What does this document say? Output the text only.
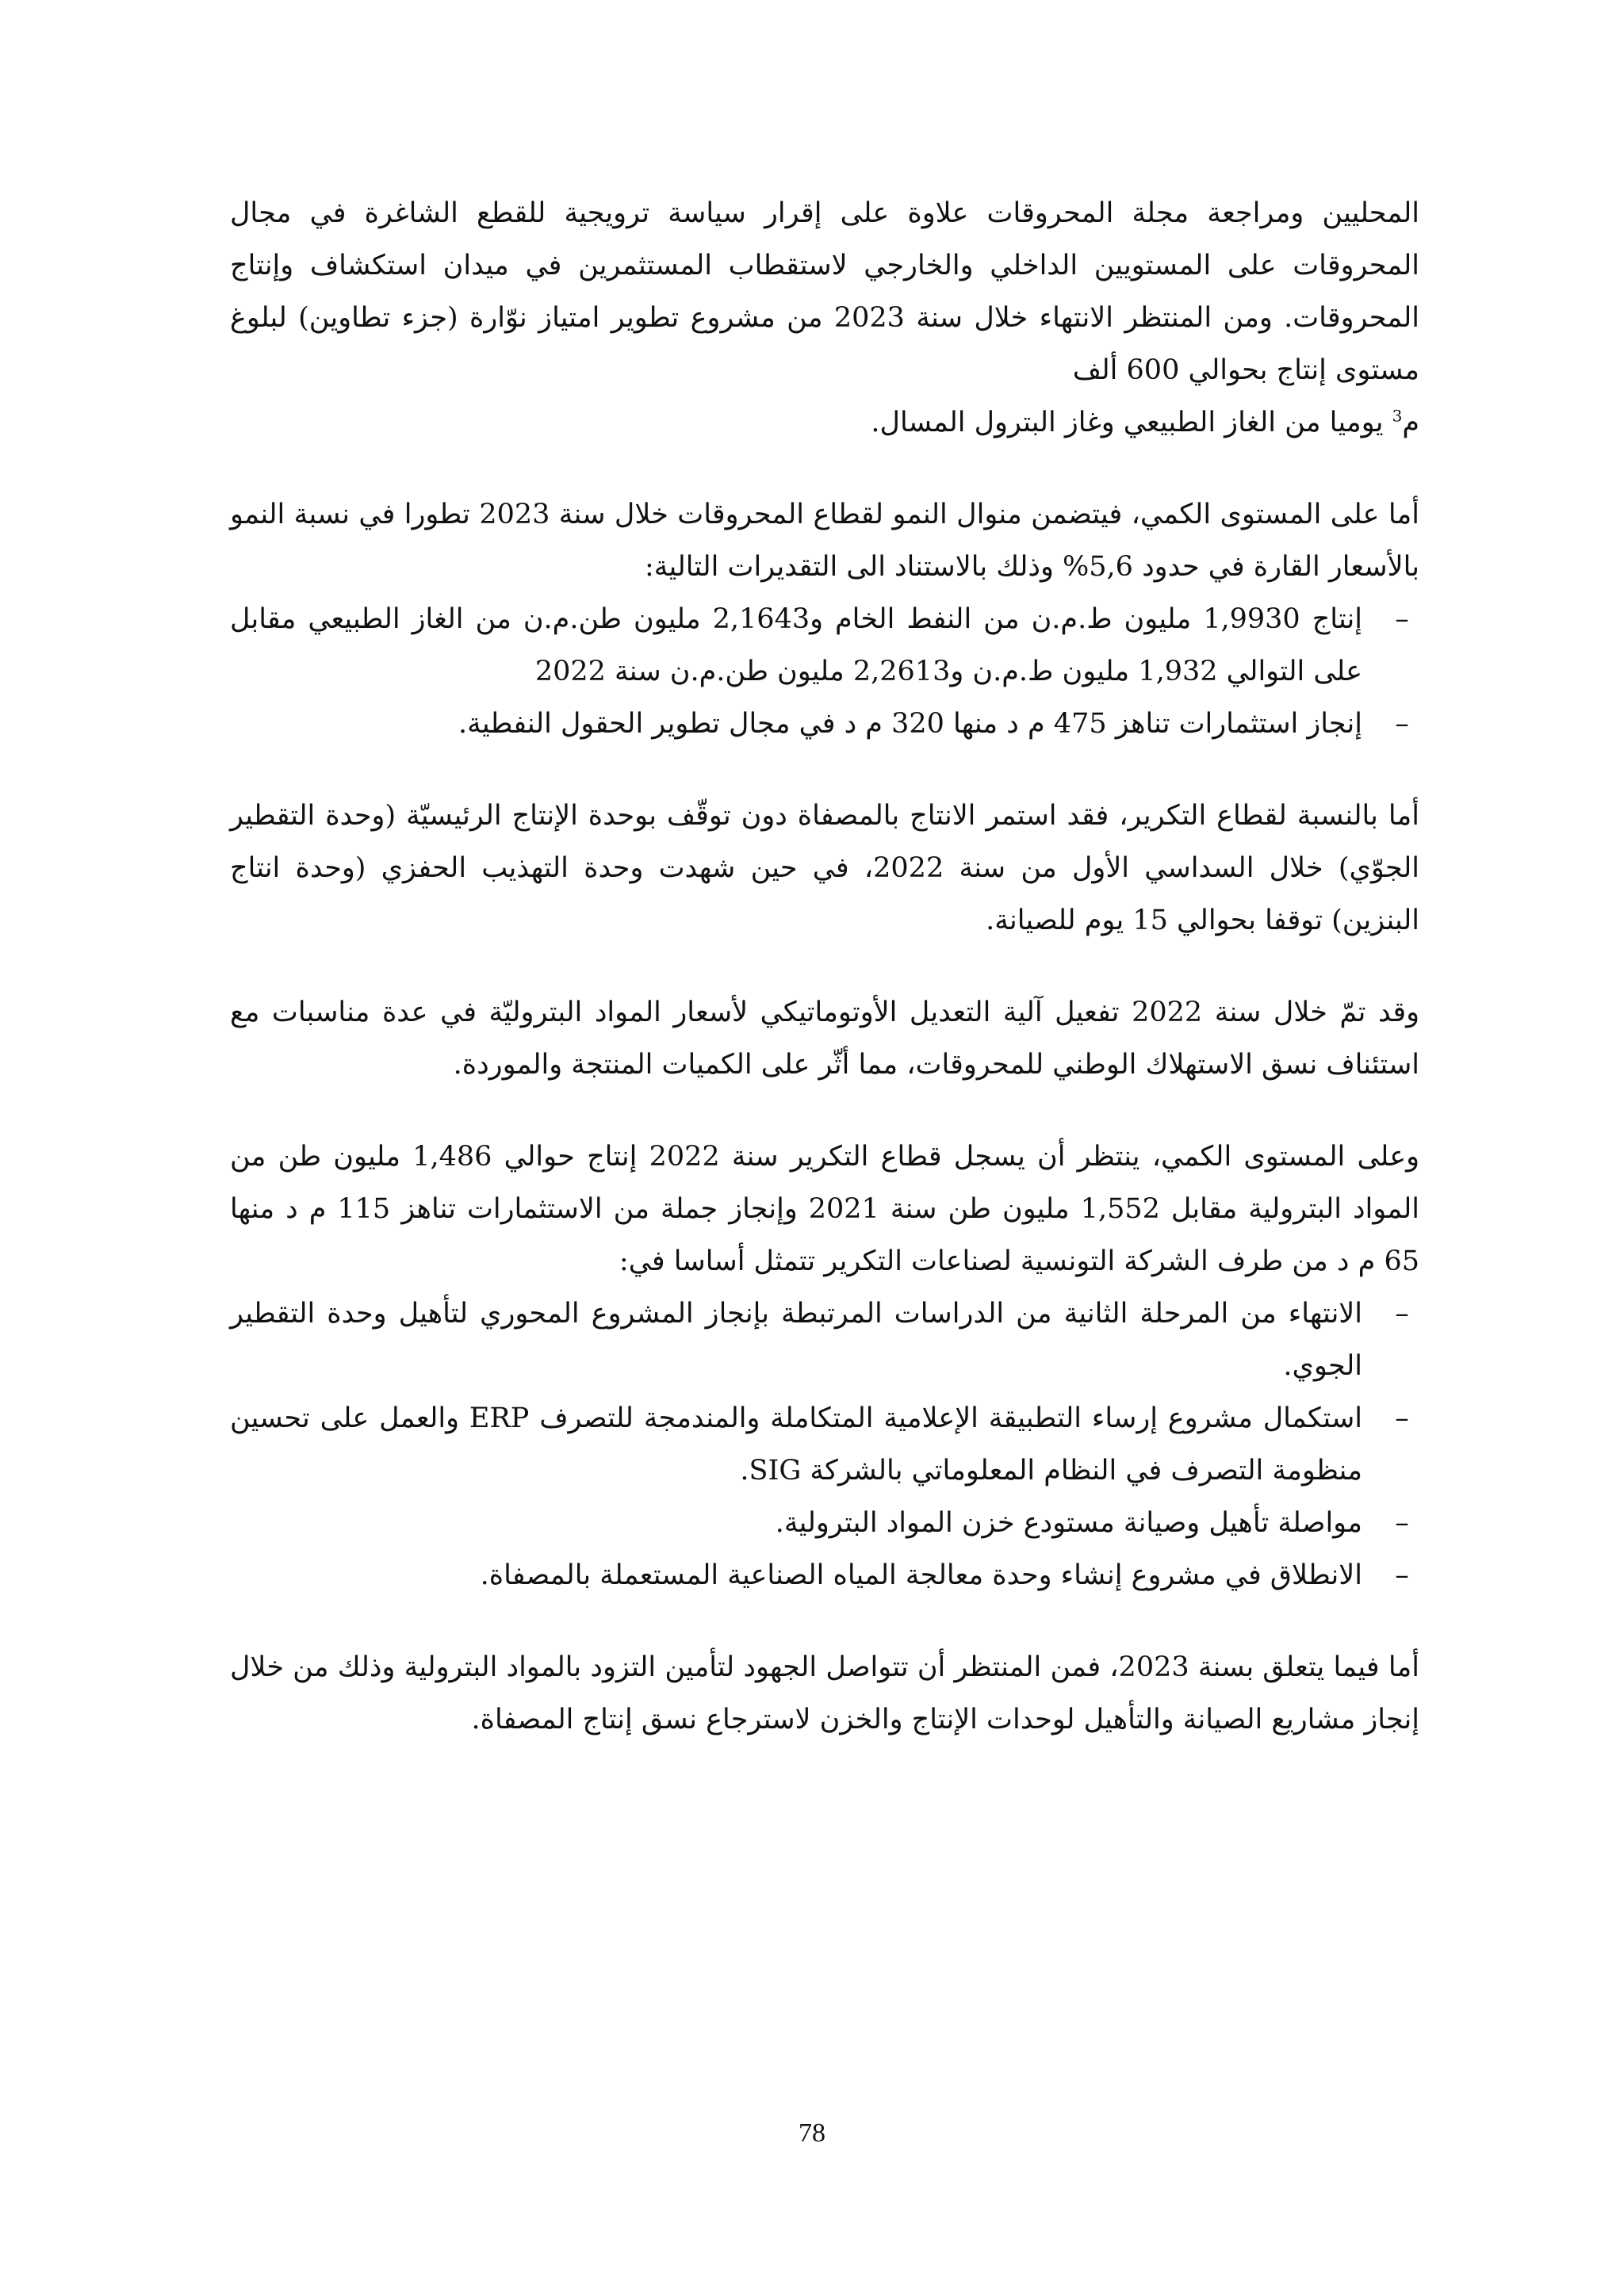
المحليين ومراجعة مجلة المحروقات علاوة على إقرار سياسة ترويجية للقطع الشاغرة في مجال المحروقات على المستويين الداخلي والخارجي لاستقطاب المستثمرين في ميدان استكشاف وإنتاج المحروقات. ومن المنتظر الانتهاء خلال سنة 2023 من مشروع تطوير امتياز نوّارة (جزء تطاوين) لبلوغ مستوى إنتاج بحوالي 600 ألف
م$^3$ يوميا من الغاز الطبيعي وغاز البترول المسال.

أما على المستوى الكمي، فيتضمن منوال النمو لقطاع المحروقات خلال سنة 2023 تطورا في نسبة النمو بالأسعار القارة في حدود 5,6% وذلك بالاستناد الى التقديرات التالية:

–
إنتاج 1,9930 مليون ط.م.ن من النفط الخام و2,1643 مليون طن.م.ن من الغاز الطبيعي مقابل على التوالي 1,932 مليون ط.م.ن و2,2613 مليون طن.م.ن سنة 2022
–
إنجاز استثمارات تناهز 475 م د منها 320 م د في مجال تطوير الحقول النفطية.

أما بالنسبة لقطاع التكرير، فقد استمر الانتاج بالمصفاة دون توقّف بوحدة الإنتاج الرئيسيّة (وحدة التقطير الجوّي) خلال السداسي الأول من سنة 2022، في حين شهدت وحدة التهذيب الحفزي (وحدة انتاج البنزين) توقفا بحوالي 15 يوم للصيانة.

وقد تمّ خلال سنة 2022 تفعيل آلية التعديل الأوتوماتيكي لأسعار المواد البتروليّة في عدة مناسبات مع استئناف نسق الاستهلاك الوطني للمحروقات، مما أثّر على الكميات المنتجة والموردة.

وعلى المستوى الكمي، ينتظر أن يسجل قطاع التكرير سنة 2022 إنتاج حوالي 1,486 مليون طن من المواد البترولية مقابل 1,552 مليون طن سنة 2021 وإنجاز جملة من الاستثمارات تناهز 115 م د منها 65 م د من طرف الشركة التونسية لصناعات التكرير تتمثل أساسا في:

–
الانتهاء من المرحلة الثانية من الدراسات المرتبطة بإنجاز المشروع المحوري لتأهيل وحدة التقطير الجوي.
–
استكمال مشروع إرساء التطبيقة الإعلامية المتكاملة والمندمجة للتصرف ERP والعمل على تحسين منظومة التصرف في النظام المعلوماتي بالشركة SIG.
–
مواصلة تأهيل وصيانة مستودع خزن المواد البترولية.
–
الانطلاق في مشروع إنشاء وحدة معالجة المياه الصناعية المستعملة بالمصفاة.

أما فيما يتعلق بسنة 2023، فمن المنتظر أن تتواصل الجهود لتأمين التزود بالمواد البترولية وذلك من خلال إنجاز مشاريع الصيانة والتأهيل لوحدات الإنتاج والخزن لاسترجاع نسق إنتاج المصفاة.

78
